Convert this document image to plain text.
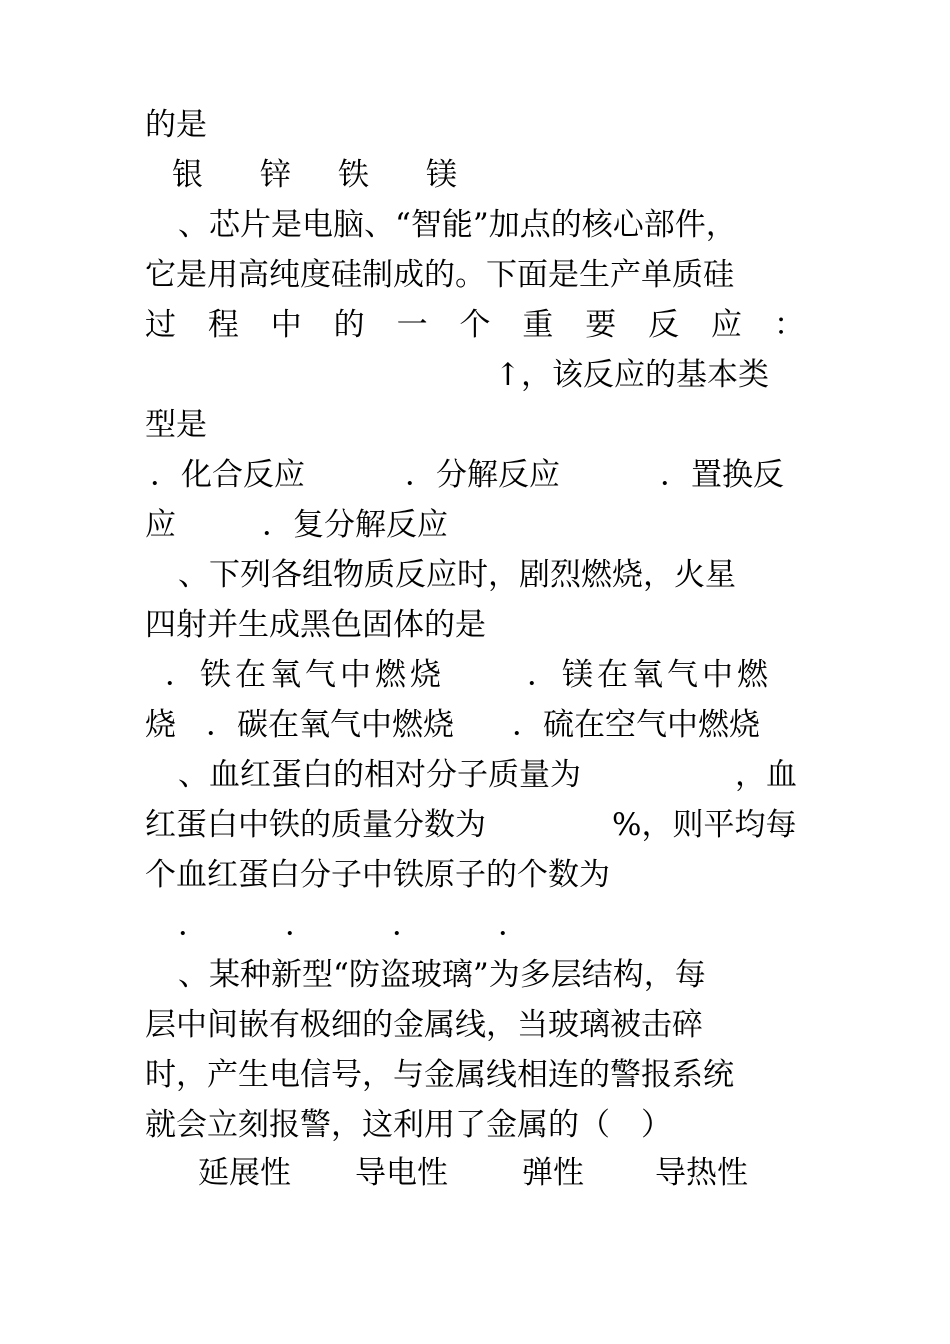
的是
银 锌 铁 镁
、芯片是电脑、“智能”加点的核心部件，
它是用高纯度硅制成的。下面是生产单质硅
过 程 中 的 一 个 重 要 反 应 ：
↑，该反应的基本类
型是
．化合反应	．分解反应	．置换反
应	．复分解反应
、下列各组物质反应时，剧烈燃烧，火星
四射并生成黑色固体的是
．铁在氧气中燃烧	．镁在氧气中燃
烧 ．碳在氧气中燃烧 ．硫在空气中燃烧
、血红蛋白的相对分子质量为	，血
红蛋白中铁的质量分数为	%，则平均每
个血红蛋白分子中铁原子的个数为
． ． ． ．
、某种新型“防盗玻璃”为多层结构，每
层中间嵌有极细的金属线，当玻璃被击碎
时，产生电信号，与金属线相连的警报系统
就会立刻报警，这利用了金属的（　）
延展性 导电性 弹性 导热性
